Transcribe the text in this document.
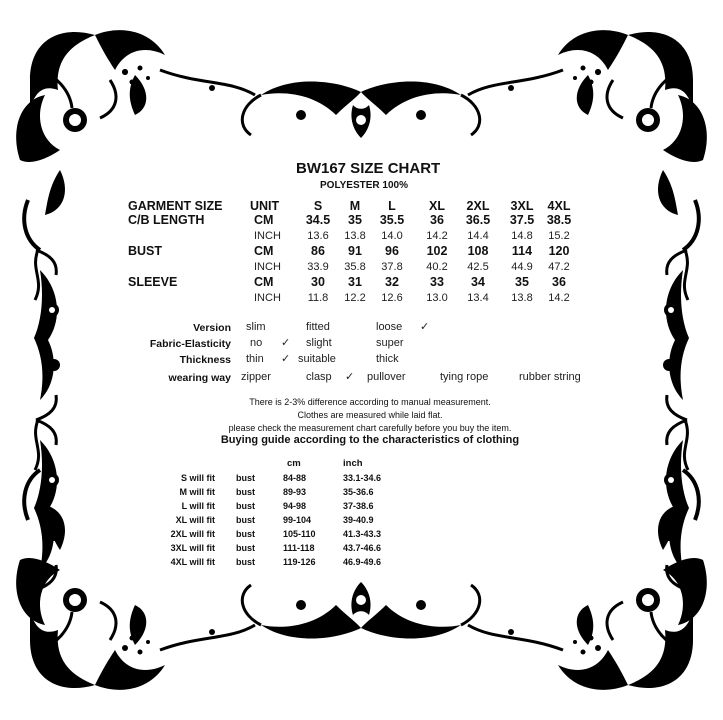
BW167 SIZE CHART
POLYESTER 100%
GARMENT SIZE UNIT	S	M	L	XL	2XL	3XL	4XL
C/B LENGTH	CM	34.5	35	35.5	36	36.5	37.5	38.5
INCH	13.6	13.8	14.0	14.2	14.4	14.8	15.2
BUST	CM	86	91	96	102	108	114	120
INCH	33.9	35.8	37.8	40.2	42.5	44.9	47.2
SLEEVE	CM	30	31	32	33	34	35	36
INCH	11.8	12.2	12.6	13.0	13.4	13.8	14.2
Version slim	fitted	loose ✓
Fabric-Elasticity no ✓ slight	super
Thickness thin ✓ suitable	thick
wearing way zipper	clasp ✓ pullover	tying rope	rubber string
There is 2-3% difference according to manual measurement.
Clothes are measured while laid flat.
please check the measurement chart carefully before you buy the item.
Buying guide according to the characteristics of clothing
cm	inch
S will fit bust	84-88	33.1-34.6
M will fit bust	89-93	35-36.6
L will fit bust	94-98	37-38.6
XL will fit bust	99-104	39-40.9
2XL will fit bust	105-110	41.3-43.3
3XL will fit bust	111-118	43.7-46.6
4XL will fit bust	119-126	46.9-49.6
